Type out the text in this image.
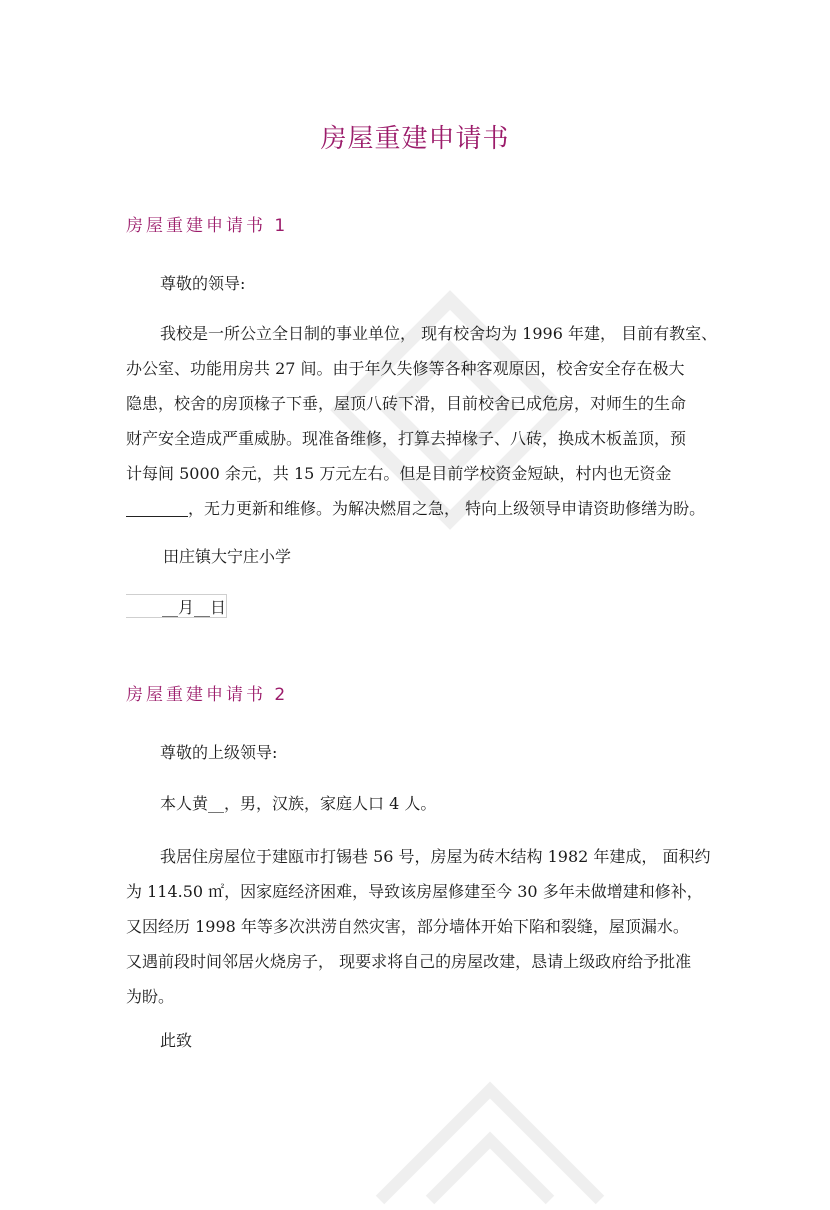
房屋重建申请书
房屋重建申请书 1
尊敬的领导:
我校是一所公立全日制的事业单位， 现有校舍均为 1996 年建， 目前有教室、
办公室、功能用房共 27 间。由于年久失修等各种客观原因，校舍安全存在极大
隐患，校舍的房顶椽子下垂，屋顶八砖下滑，目前校舍已成危房，对师生的生命
财产安全造成严重威胁。现准备维修，打算去掉椽子、八砖，换成木板盖顶，预
计每间 5000 余元，共 15 万元左右。但是目前学校资金短缺，村内也无资金
，无力更新和维修。为解决燃眉之急， 特向上级领导申请资助修缮为盼。
田庄镇大宁庄小学
__月__日
房屋重建申请书 2
尊敬的上级领导:
本人黄__，男，汉族，家庭人口 4 人。
我居住房屋位于建瓯市打锡巷 56 号，房屋为砖木结构 1982 年建成， 面积约
为 114.50 ㎡，因家庭经济困难，导致该房屋修建至今 30 多年未做增建和修补，
又因经历 1998 年等多次洪涝自然灾害，部分墙体开始下陷和裂缝，屋顶漏水。
又遇前段时间邻居火烧房子， 现要求将自己的房屋改建，恳请上级政府给予批准
为盼。
此致
